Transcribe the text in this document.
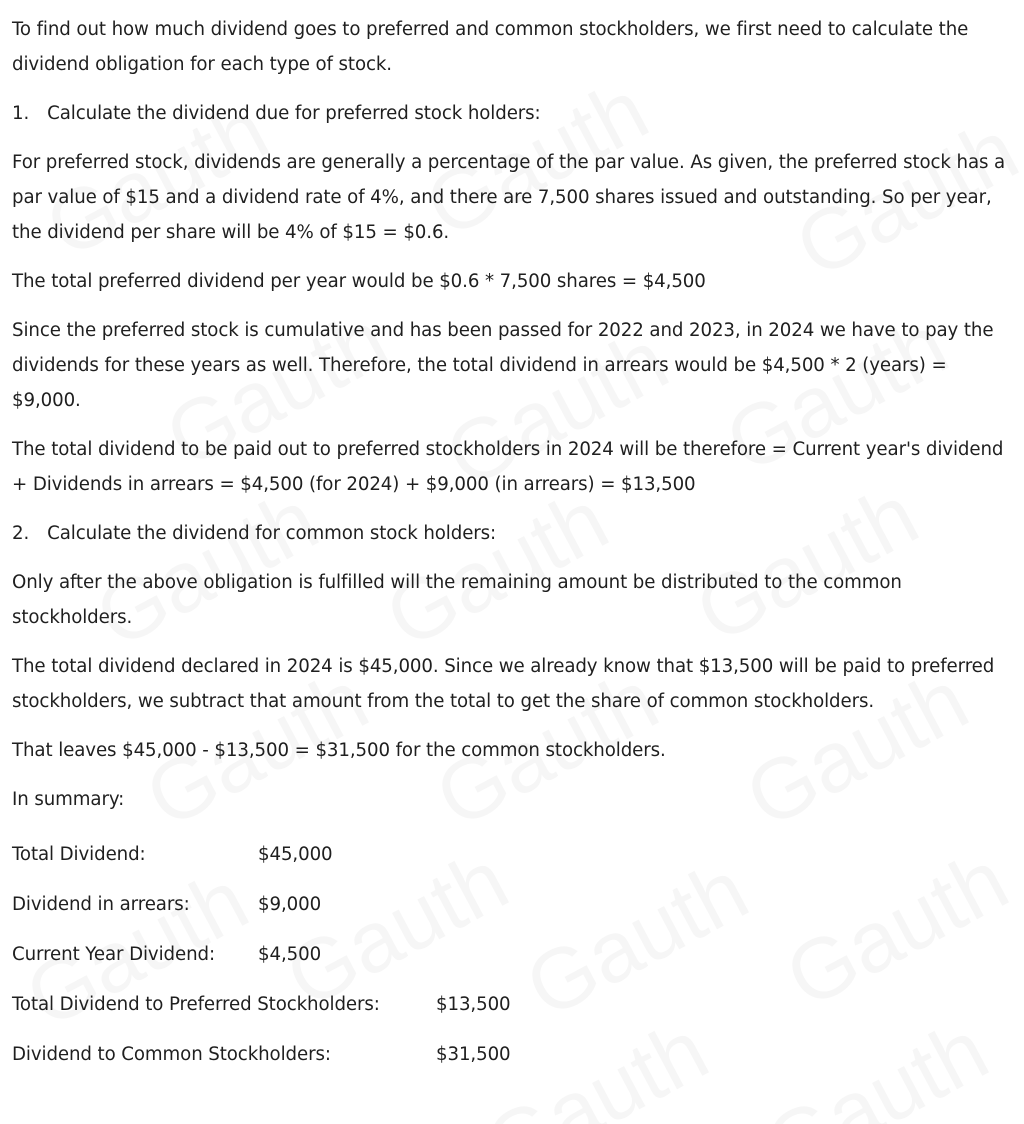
To find out how much dividend goes to preferred and common stockholders, we first need to calculate the dividend obligation for each type of stock.

1. Calculate the dividend due for preferred stock holders:

For preferred stock, dividends are generally a percentage of the par value. As given, the preferred stock has a par value of $15 and a dividend rate of 4%, and there are 7,500 shares issued and outstanding. So per year, the dividend per share will be 4% of $15 = $0.6.

The total preferred dividend per year would be $0.6 * 7,500 shares = $4,500

Since the preferred stock is cumulative and has been passed for 2022 and 2023, in 2024 we have to pay the dividends for these years as well. Therefore, the total dividend in arrears would be $4,500 * 2 (years) = $9,000.

The total dividend to be paid out to preferred stockholders in 2024 will be therefore = Current year's dividend + Dividends in arrears = $4,500 (for 2024) + $9,000 (in arrears) = $13,500

2. Calculate the dividend for common stock holders:

Only after the above obligation is fulfilled will the remaining amount be distributed to the common stockholders.

The total dividend declared in 2024 is $45,000. Since we already know that $13,500 will be paid to preferred stockholders, we subtract that amount from the total to get the share of common stockholders.

That leaves $45,000 - $13,500 = $31,500 for the common stockholders.

In summary:

Total Dividend:	$45,000
Dividend in arrears:	$9,000
Current Year Dividend:	$4,500
Total Dividend to Preferred Stockholders:	$13,500
Dividend to Common Stockholders:	$31,500
